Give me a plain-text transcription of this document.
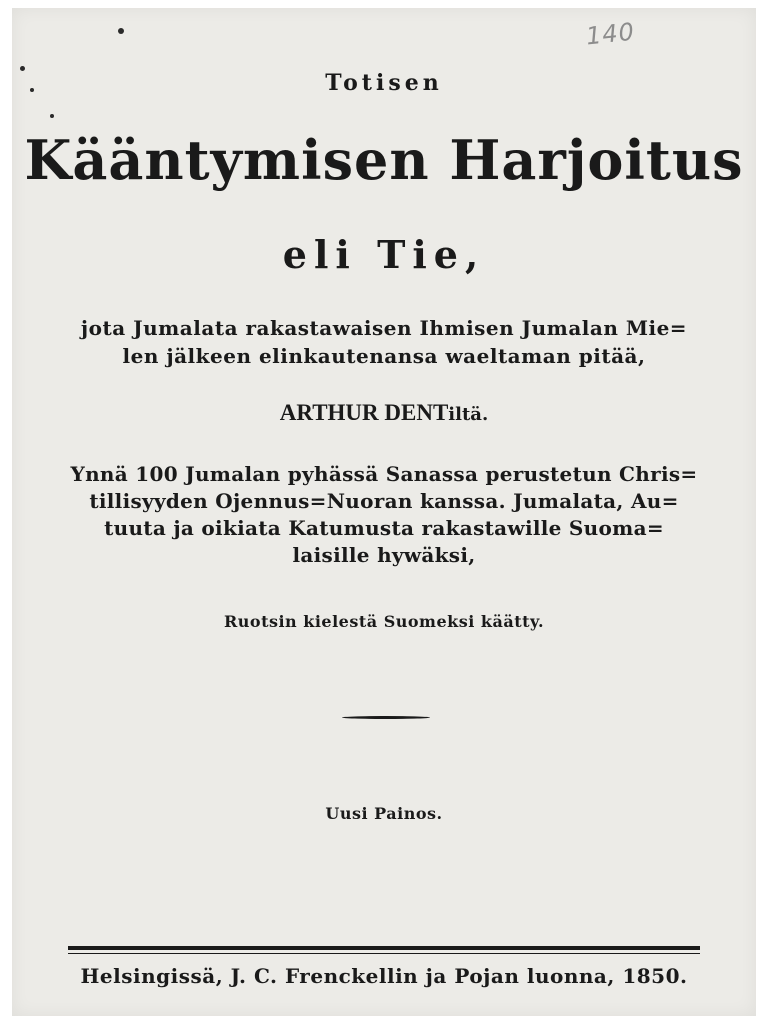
140
Totisen
Kääntymisen Harjoitus
eli Tie,
jota Jumalata rakastawaisen Ihmisen Jumalan Mie=
len jälkeen elinkautenansa waeltaman pitää,
ARTHUR DENTiltä.
Ynnä 100 Jumalan pyhässä Sanassa perustetun Chris=
tillisyyden Ojennus=Nuoran kanssa. Jumalata, Au=
tuuta ja oikiata Katumusta rakastawille Suoma=
laisille hywäksi,
Ruotsin kielestä Suomeksi käätty.
Uusi Painos.
Helsingissä, J. C. Frenckellin ja Pojan luonna, 1850.
